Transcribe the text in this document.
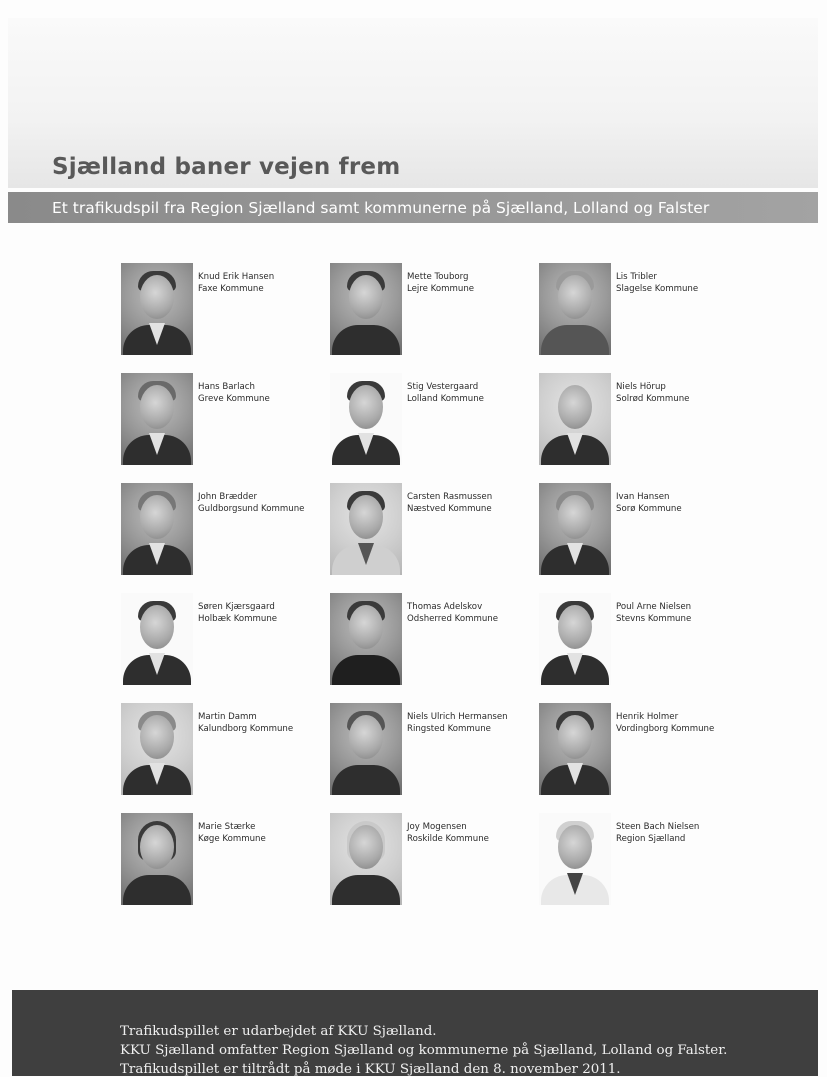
Sjælland baner vejen frem

Et trafikudspil fra Region Sjælland samt kommunerne på Sjælland, Lolland og Falster

Knud Erik Hansen
Faxe Kommune
Mette Touborg
Lejre Kommune
Lis Tribler
Slagelse Kommune
Hans Barlach
Greve Kommune
Stig Vestergaard
Lolland Kommune
Niels Hörup
Solrød Kommune
John Brædder
Guldborgsund Kommune
Carsten Rasmussen
Næstved Kommune
Ivan Hansen
Sorø Kommune
Søren Kjærsgaard
Holbæk Kommune
Thomas Adelskov
Odsherred Kommune
Poul Arne Nielsen
Stevns Kommune
Martin Damm
Kalundborg Kommune
Niels Ulrich Hermansen
Ringsted Kommune
Henrik Holmer
Vordingborg Kommune
Marie Stærke
Køge Kommune
Joy Mogensen
Roskilde Kommune
Steen Bach Nielsen
Region Sjælland

Trafikudspillet er udarbejdet af KKU Sjælland.

KKU Sjælland omfatter Region Sjælland og kommunerne på Sjælland, Lolland og Falster.

Trafikudspillet er tiltrådt på møde i KKU Sjælland den 8. november 2011.
